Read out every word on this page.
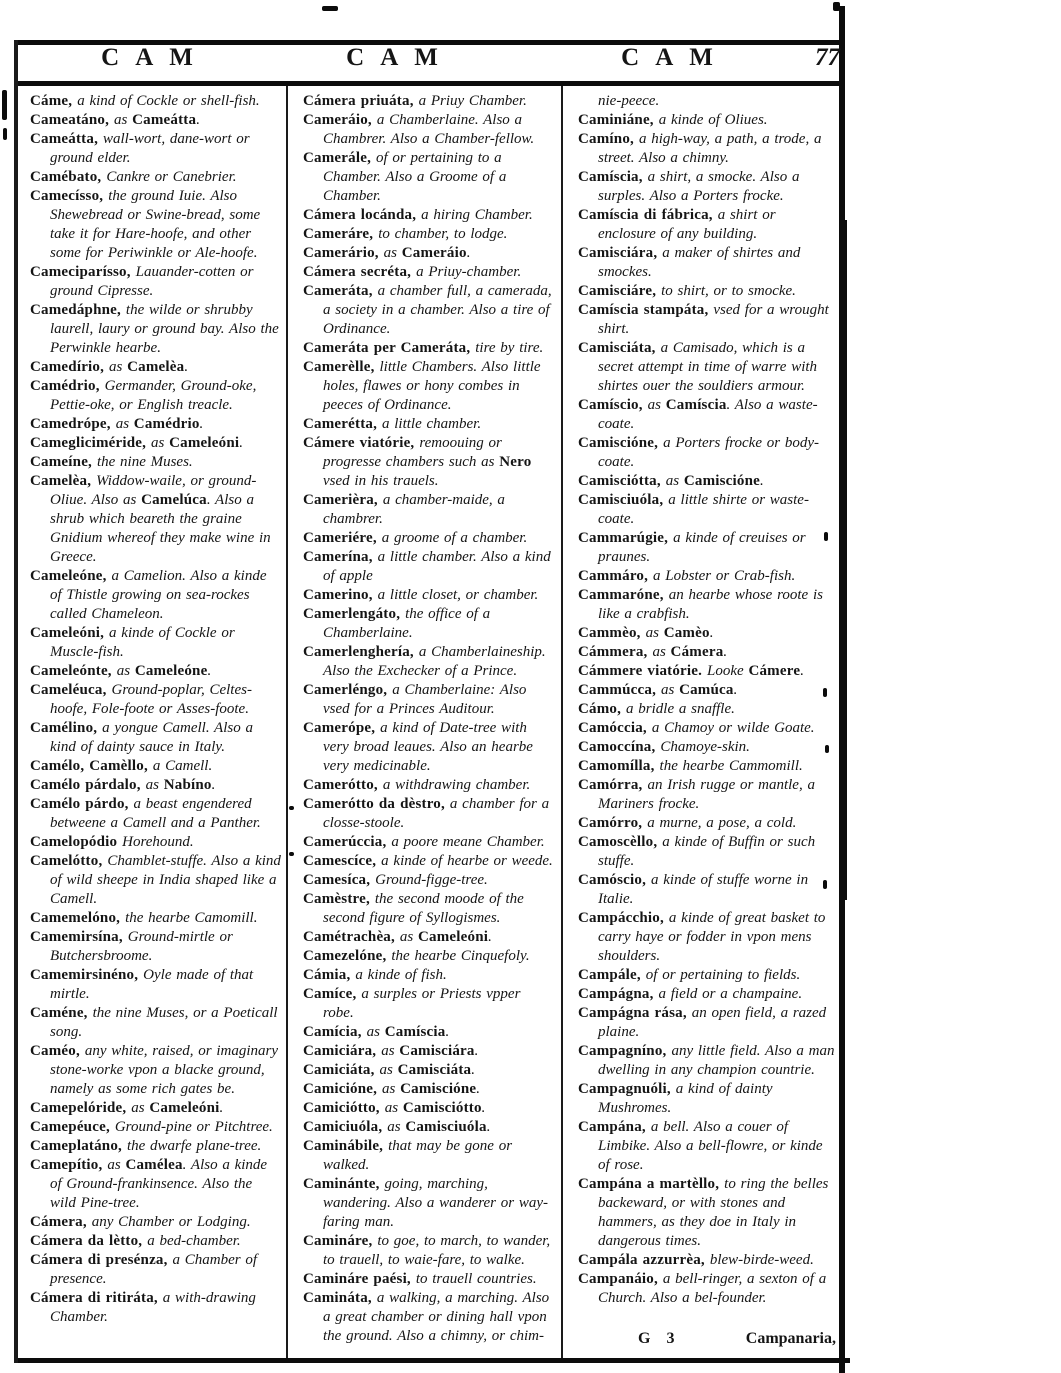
CAM	CAM	CAM	77
Cáme, a kind of Cockle or shell-fish.
Cameatáno, as Cameátta.
Cameátta, wall-wort, dane-wort or ground elder.
Camébato, Cankre or Canebrier.
Camecísso, the ground Iuie. Also Shewebread or Swine-bread, some take it for Hare-hoofe, and other some for Periwinkle or Ale-hoofe.
Cameciparísso, Lauander-cotten or ground Cipresse.
Camedáphne, the wilde or shrubby laurell, laury or ground bay. Also the Perwinkle hearbe.
Camedírio, as Camelèa.
Camédrio, Germander, Ground-oke, Pettie-oke, or English treacle.
Camedrópe, as Camédrio.
Camegliciméride, as Cameleóni.
Cameíne, the nine Muses.
Camelèa, Widdow-waile, or ground-Oliue. Also as Camelúca. Also a shrub which beareth the graine Gnidium whereof they make wine in Greece.
Cameleóne, a Camelion. Also a kinde of Thistle growing on sea-rockes called Chameleon.
Cameleóni, a kinde of Cockle or Muscle-fish.
Cameleónte, as Cameleóne.
Cameléuca, Ground-poplar, Celtes-hoofe, Fole-foote or Asses-foote.
Camélino, a yongue Camell. Also a kind of dainty sauce in Italy.
Camélo, Camèllo, a Camell.
Camélo párdalo, as Nabíno.
Camélo párdo, a beast engendered betweene a Camell and a Panther.
Camelopódio Horehound.
Camelótto, Chamblet-stuffe. Also a kind of wild sheepe in India shaped like a Camell.
Camemelóno, the hearbe Camomill.
Camemirsína, Ground-mirtle or Butchersbroome.
Camemirsinéno, Oyle made of that mirtle.
Caméne, the nine Muses, or a Poeticall song.
Caméo, any white, raised, or imaginary stone-worke vpon a blacke ground, namely as some rich gates be.
Camepelóride, as Cameleóni.
Camepéuce, Ground-pine or Pitchtree.
Cameplatáno, the dwarfe plane-tree.
Camepítio, as Camélea. Also a kinde of Ground-frankinsence. Also the wild Pine-tree.
Cámera, any Chamber or Lodging.
Cámera da lètto, a bed-chamber.
Cámera di presénza, a Chamber of presence.
Cámera di ritiráta, a with-drawing Chamber.
Cámera priuáta, a Priuy Chamber.
Cameráio, a Chamberlaine. Also a Chambrer. Also a Chamber-fellow.
Camerále, of or pertaining to a Chamber. Also a Groome of a Chamber.
Cámera locánda, a hiring Chamber.
Cameráre, to chamber, to lodge.
Camerário, as Cameráio.
Cámera secréta, a Priuy-chamber.
Cameráta, a chamber full, a camerada, a society in a chamber. Also a tire of Ordinance.
Cameráta per Cameráta, tire by tire.
Camerèlle, little Chambers. Also little holes, flawes or hony combes in peeces of Ordinance.
Camerétta, a little chamber.
Cámere viatórie, remoouing or progresse chambers such as Nero vsed in his trauels.
Camerièra, a chamber-maide, a chambrer.
Cameriére, a groome of a chamber.
Camerína, a little chamber. Also a kind of apple
Camerino, a little closet, or chamber.
Camerlengáto, the office of a Chamberlaine.
Camerlenghería, a Chamberlaineship. Also the Exchecker of a Prince.
Camerléngo, a Chamberlaine: Also vsed for a Princes Auditour.
Camerópe, a kind of Date-tree with very broad leaues. Also an hearbe very medicinable.
Camerótto, a withdrawing chamber.
Camerótto da dèstro, a chamber for a closse-stoole.
Camerúccia, a poore meane Chamber.
Camescíce, a kinde of hearbe or weede.
Camesíca, Ground-figge-tree.
Camèstre, the second moode of the second figure of Syllogismes.
Camétrachèa, as Cameleóni.
Camezelóne, the hearbe Cinquefoly.
Cámia, a kinde of fish.
Camíce, a surples or Priests vpper robe.
Camícia, as Camíscia.
Camiciára, as Camisciára.
Camiciáta, as Camisciáta.
Camicióne, as Camiscióne.
Camiciótto, as Camisciótto.
Camiciuóla, as Camisciuóla.
Caminábile, that may be gone or walked.
Caminánte, going, marching, wandering. Also a wanderer or way-faring man.
Camináre, to goe, to march, to wander, to trauell, to waie-fare, to walke.
Camináre paési, to trauell countries.
Camináta, a walking, a marching. Also a great chamber or dining hall vpon the ground. Also a chimny, or chim-
nie-peece.
Caminiáne, a kinde of Oliues.
Camíno, a high-way, a path, a trode, a street. Also a chimny.
Camíscia, a shirt, a smocke. Also a surples. Also a Porters frocke.
Camíscia di fábrica, a shirt or enclosure of any building.
Camisciára, a maker of shirtes and smockes.
Camisciáre, to shirt, or to smocke.
Camíscia stampáta, vsed for a wrought shirt.
Camisciáta, a Camisado, which is a secret attempt in time of warre with shirtes ouer the souldiers armour.
Camíscio, as Camíscia. Also a waste-coate.
Camiscióne, a Porters frocke or body-coate.
Camisciótta, as Camiscióne.
Camisciuóla, a little shirte or waste-coate.
Cammarúgie, a kinde of creuises or praunes.
Cammáro, a Lobster or Crab-fish.
Cammaróne, an hearbe whose roote is like a crabfish.
Cammèo, as Camèo.
Cámmera, as Cámera.
Cámmere viatórie. Looke Cámere.
Cammúcca, as Camúca.
Cámo, a bridle a snaffle.
Camóccia, a Chamoy or wilde Goate.
Camoccína, Chamoye-skin.
Camomílla, the hearbe Cammomill.
Camórra, an Irish rugge or mantle, a Mariners frocke.
Camórro, a murne, a pose, a cold.
Camoscèllo, a kinde of Buffin or such stuffe.
Camóscio, a kinde of stuffe worne in Italie.
Campácchio, a kinde of great basket to carry haye or fodder in vpon mens shoulders.
Campále, of or pertaining to fields.
Campágna, a field or a champaine.
Campágna rása, an open field, a razed plaine.
Campagníno, any little field. Also a man dwelling in any champion countrie.
Campagnuóli, a kind of dainty Mushromes.
Campána, a bell. Also a couer of Limbike. Also a bell-flowre, or kinde of rose.
Campána a martèllo, to ring the belles backeward, or with stones and hammers, as they doe in Italy in dangerous times.
Campála azzurrèa, blew-birde-weed.
Campanáio, a bell-ringer, a sexton of a Church. Also a bel-founder.
G 3	Campanaria,
